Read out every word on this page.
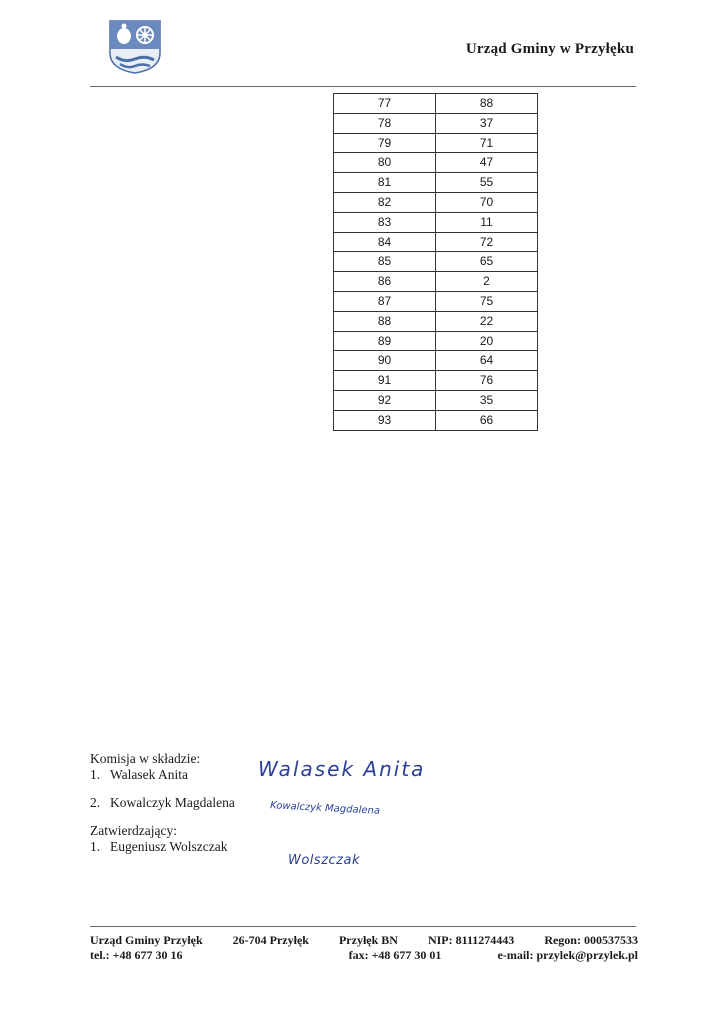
Urząd Gminy w Przyłęku
77	88
78	37
79	71
80	47
81	55
82	70
83	11
84	72
85	65
86	2
87	75
88	22
89	20
90	64
91	76
92	35
93	66
Komisja w składzie:
1. Walasek Anita
2. Kowalczyk Magdalena
Zatwierdzający:
1. Eugeniusz Wolszczak
Walasek Anita
Kowalczyk Magdalena
Wolszczak
Urząd Gminy Przyłęk	26-704 Przyłęk	Przyłęk BN	NIP: 8111274443	Regon: 000537533
tel.: +48 677 30 16	fax: +48 677 30 01	e-mail: przylek@przylek.pl
